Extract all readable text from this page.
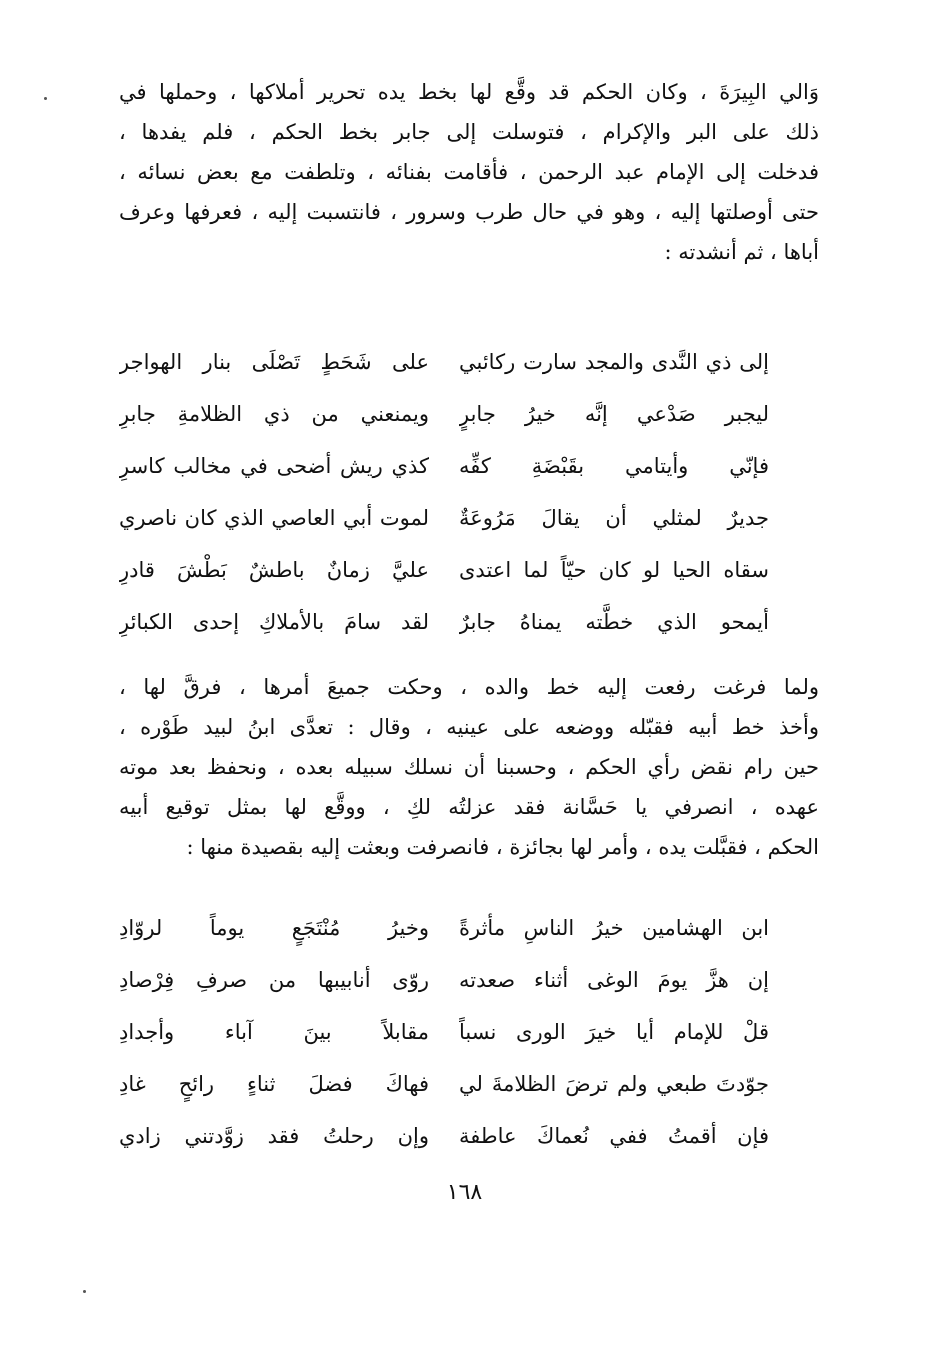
وَالي البِيرَةَ ، وكان الحكم قد وقَّع لها بخط يده تحرير أملاكها ، وحملها في
ذلك على البر والإكرام ، فتوسلت إلى جابر بخط الحكم ، فلم يفدها ،
فدخلت إلى الإمام عبد الرحمن ، فأقامت بفنائه ، وتلطفت مع بعض نسائه ،
حتى أوصلتها إليه ، وهو في حال طرب وسرور ، فانتسبت إليه ، فعرفها وعرف
أباها ، ثم أنشدته :
إلى ذي النَّدى والمجد سارت ركائبي
على شَحَطٍ تَصْلَى بنار الهواجر
ليجبر صَدْعي إنَّه خيرُ جابرٍ
ويمنعني من ذي الظلامةِ جابرِ
فإنّي وأيتامي بقَبْضَةِ كفِّه
كذي ريش أضحى في مخالب كاسرِ
جديرٌ لمثلي أن يقالَ مَرُوعَةٌ
لموت أبي العاصي الذي كان ناصري
سقاه الحيا لو كان حيّاً لما اعتدى
عليَّ زمانٌ باطشٌ بَطْشَ قادرِ
أيمحو الذي خطَّته يمناهُ جابرٌ
لقد سامَ بالأملاكِ إحدى الكبائرِ
ولما فرغت رفعت إليه خط والده ، وحكت جميعَ أمرها ، فرقَّ لها ،
وأخذ خط أبيه فقبّله ووضعه على عينيه ، وقال : تعدَّى ابنُ لبيد طَوْره ،
حين رام نقض رأي الحكم ، وحسبنا أن نسلك سبيله بعده ، ونحفظ بعد موته
عهده ، انصرفي يا حَسَّانة فقد عزلتُه لكِ ، ووقَّع لها بمثل توقيع أبيه
الحكم ، فقبَّلت يده ، وأمر لها بجائزة ، فانصرفت وبعثت إليه بقصيدة منها :
ابن الهشامين خيرُ الناسِ مأثرةً
وخيرُ مُنْتَجَعٍ يوماً لروّادِ
إن هزَّ يومَ الوغى أثناء صعدته
روّى أنابيبها من صرفِ فِرْصادِ
قلْ للإمام أيا خيرَ الورى نسباً
مقابلاً بينَ آباء وأجدادِ
جوّدتَ طبعي ولم ترضَ الظلامةَ لي
فهاكَ فضلَ ثناءٍ رائحٍ غادِ
فإن أقمتُ ففي نُعماكَ عاطفة
وإن رحلتُ فقد زوَّدتني زادي
١٦٨
